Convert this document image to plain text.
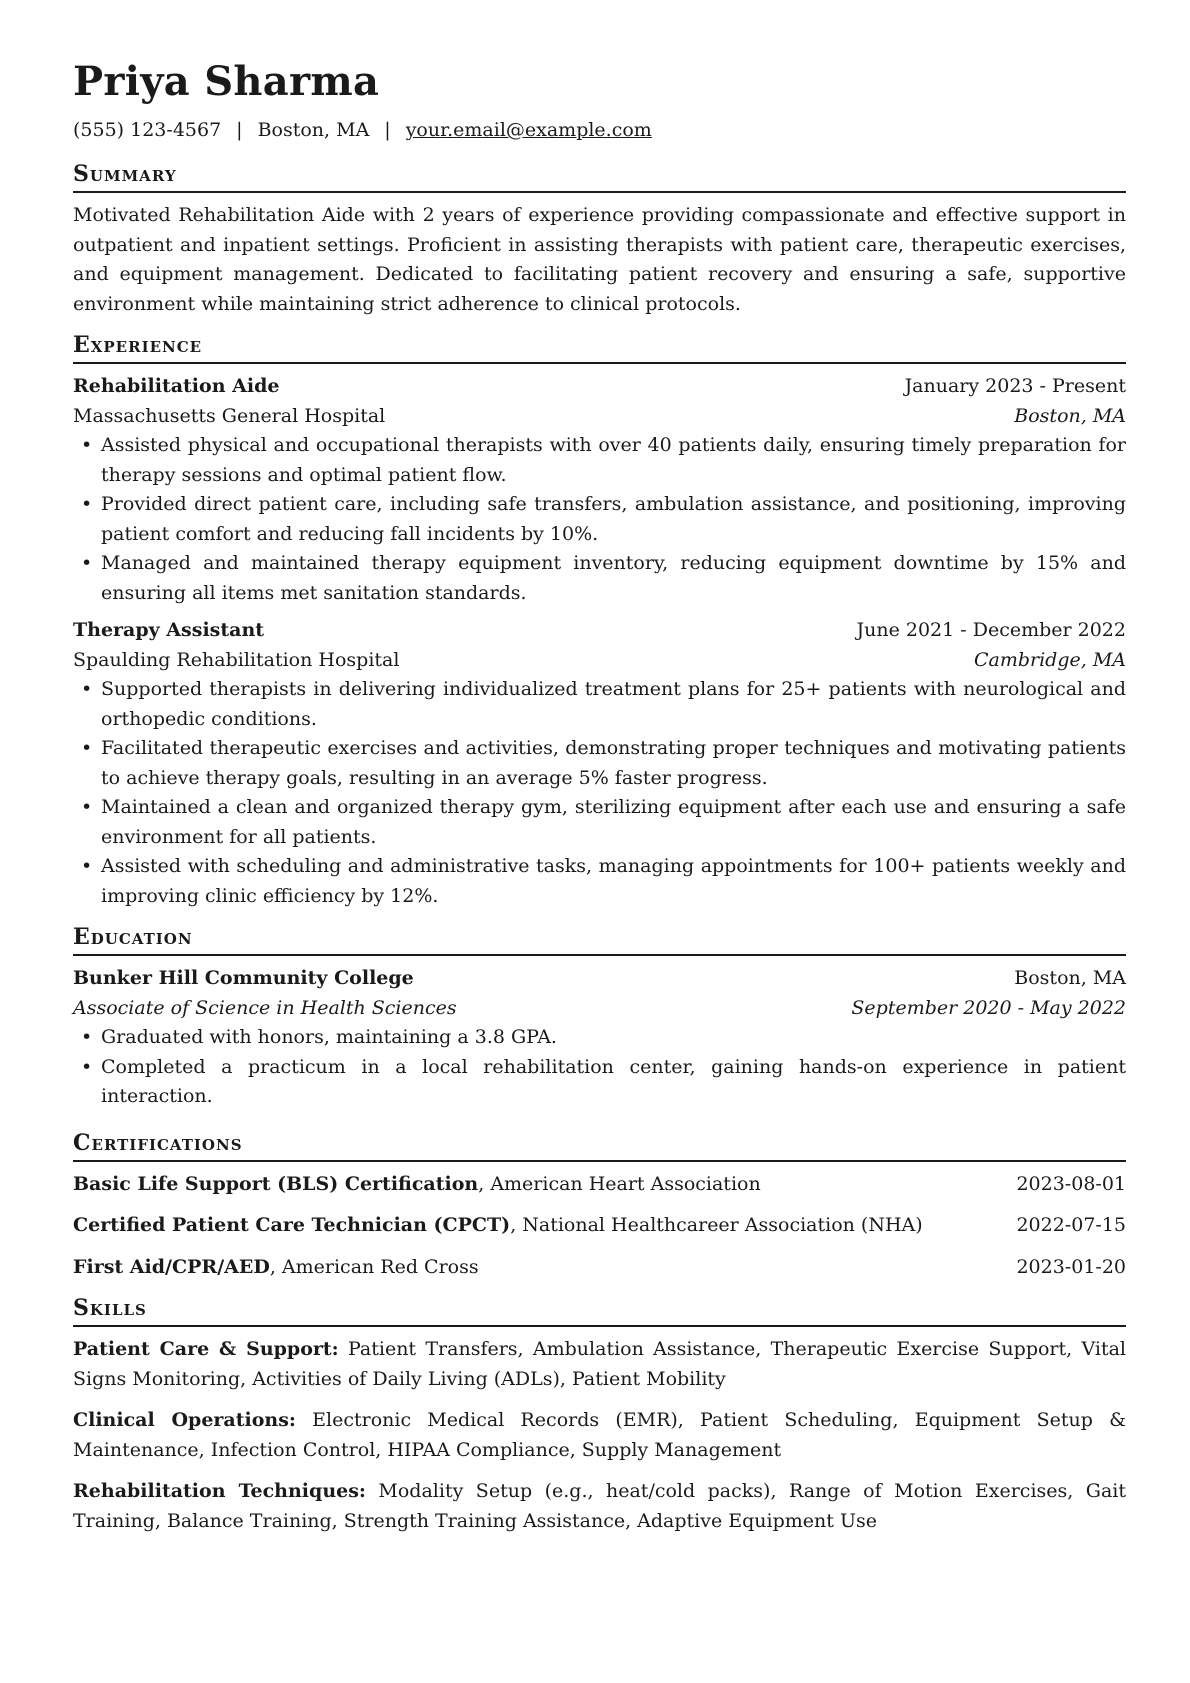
Priya Sharma
(555) 123-4567 | Boston, MA | your.email@example.com
Summary
Motivated Rehabilitation Aide with 2 years of experience providing compassionate and effective support in outpatient and inpatient settings. Proficient in assisting therapists with patient care, therapeutic exercises, and equipment management. Dedicated to facilitating patient recovery and ensuring a safe, supportive environment while maintaining strict adherence to clinical protocols.
Experience
Rehabilitation Aide	January 2023 - Present
Massachusetts General Hospital	Boston, MA
• Assisted physical and occupational therapists with over 40 patients daily, ensuring timely preparation for therapy sessions and optimal patient flow.
• Provided direct patient care, including safe transfers, ambulation assistance, and positioning, improving patient comfort and reducing fall incidents by 10%.
• Managed and maintained therapy equipment inventory, reducing equipment downtime by 15% and ensuring all items met sanitation standards.
Therapy Assistant	June 2021 - December 2022
Spaulding Rehabilitation Hospital	Cambridge, MA
• Supported therapists in delivering individualized treatment plans for 25+ patients with neurological and orthopedic conditions.
• Facilitated therapeutic exercises and activities, demonstrating proper techniques and motivating patients to achieve therapy goals, resulting in an average 5% faster progress.
• Maintained a clean and organized therapy gym, sterilizing equipment after each use and ensuring a safe environment for all patients.
• Assisted with scheduling and administrative tasks, managing appointments for 100+ patients weekly and improving clinic efficiency by 12%.
Education
Bunker Hill Community College	Boston, MA
Associate of Science in Health Sciences	September 2020 - May 2022
• Graduated with honors, maintaining a 3.8 GPA.
• Completed a practicum in a local rehabilitation center, gaining hands-on experience in patient interaction.
Certifications
Basic Life Support (BLS) Certification, American Heart Association	2023-08-01
Certified Patient Care Technician (CPCT), National Healthcareer Association (NHA)	2022-07-15
First Aid/CPR/AED, American Red Cross	2023-01-20
Skills
Patient Care & Support: Patient Transfers, Ambulation Assistance, Therapeutic Exercise Support, Vital Signs Monitoring, Activities of Daily Living (ADLs), Patient Mobility
Clinical Operations: Electronic Medical Records (EMR), Patient Scheduling, Equipment Setup & Maintenance, Infection Control, HIPAA Compliance, Supply Management
Rehabilitation Techniques: Modality Setup (e.g., heat/cold packs), Range of Motion Exercises, Gait Training, Balance Training, Strength Training Assistance, Adaptive Equipment Use
